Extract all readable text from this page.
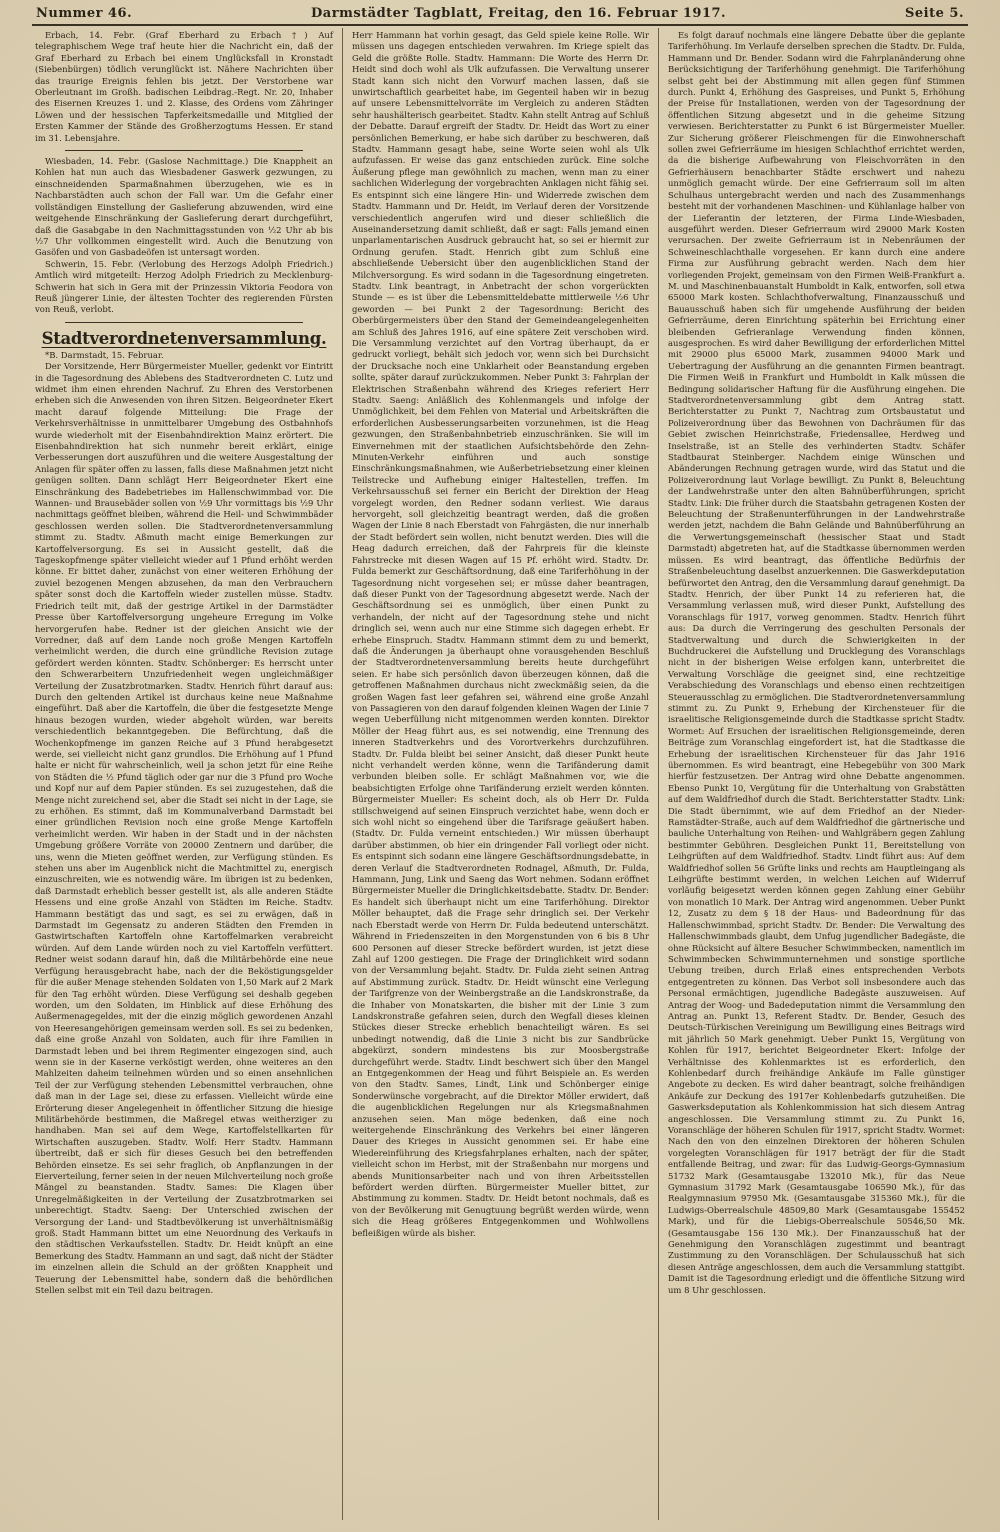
Nummer 46.	Darmstädter Tagblatt, Freitag, den 16. Februar 1917.	Seite 5.

Erbach, 14. Febr. (Graf Eberhard zu Erbach †) Auf telegraphischem Wege traf heute hier die Nachricht ein, daß der Graf Eberhard zu Erbach bei einem Unglücksfall in Kronstadt (Siebenbürgen) tödlich verunglückt ist. Nähere Nachrichten über das traurige Ereignis fehlen bis jetzt. Der Verstorbene war Oberleutnant im Großh. badischen Leibdrag.-Regt. Nr. 20, Inhaber des Eisernen Kreuzes 1. und 2. Klasse, des Ordens vom Zähringer Löwen und der hessischen Tapferkeitsmedaille und Mitglied der Ersten Kammer der Stände des Großherzogtums Hessen. Er stand im 31. Lebensjahre.

Wiesbaden, 14. Febr. (Gaslose Nachmittage.) Die Knappheit an Kohlen hat nun auch das Wiesbadener Gaswerk gezwungen, zu einschneidenden Sparmaßnahmen überzugehen, wie es in Nachbarstädten auch schon der Fall war. Um die Gefahr einer vollständigen Einstellung der Gaslieferung abzuwenden, wird eine weitgehende Einschränkung der Gaslieferung derart durchgeführt, daß die Gasabgabe in den Nachmittagsstunden von ½2 Uhr ab bis ½7 Uhr vollkommen eingestellt wird. Auch die Benutzung von Gasöfen und von Gasbadeöfen ist untersagt worden.

Schwerin, 15. Febr. (Verlobung des Herzogs Adolph Friedrich.) Amtlich wird mitgeteilt: Herzog Adolph Friedrich zu Mecklenburg-Schwerin hat sich in Gera mit der Prinzessin Viktoria Feodora von Reuß jüngerer Linie, der ältesten Tochter des regierenden Fürsten von Reuß, verlobt.

Stadtverordnetenversammlung.

*B. Darmstadt, 15. Februar.

Der Vorsitzende, Herr Bürgermeister Mueller, gedenkt vor Eintritt in die Tagesordnung des Ablebens des Stadtverordneten C. Lutz und widmet ihm einen ehrenden Nachruf. Zu Ehren des Verstorbenen erheben sich die Anwesenden von ihren Sitzen. Beigeordneter Ekert macht darauf folgende Mitteilung: Die Frage der Verkehrsverhältnisse in unmittelbarer Umgebung des Ostbahnhofs wurde wiederholt mit der Eisenbahndirektion Mainz erörtert. Die Eisenbahndirektion hat sich nunmehr bereit erklärt, einige Verbesserungen dort auszuführen und die weitere Ausgestaltung der Anlagen für später offen zu lassen, falls diese Maßnahmen jetzt nicht genügen sollten. Dann schlägt Herr Beigeordneter Ekert eine Einschränkung des Badebetriebes im Hallenschwimmbad vor. Die Wannen- und Brausebäder sollen von ½9 Uhr vormittags bis ½9 Uhr nachmittags geöffnet bleiben, während die Heil- und Schwimmbäder geschlossen werden sollen. Die Stadtverordnetenversammlung stimmt zu. Stadtv. Aßmuth macht einige Bemerkungen zur Kartoffelversorgung. Es sei in Aussicht gestellt, daß die Tageskopfmenge später vielleicht wieder auf 1 Pfund erhöht werden könne. Er bittet daher, zunächst von einer weiteren Erhöhung der zuviel bezogenen Mengen abzusehen, da man den Verbrauchern später sonst doch die Kartoffeln wieder zustellen müsse. Stadtv. Friedrich teilt mit, daß der gestrige Artikel in der Darmstädter Presse über Kartoffelversorgung ungeheure Erregung im Volke hervorgerufen habe. Redner ist der gleichen Ansicht wie der Vorredner, daß auf dem Lande noch große Mengen Kartoffeln verheimlicht werden, die durch eine gründliche Revision zutage gefördert werden könnten. Stadtv. Schönberger: Es herrscht unter den Schwerarbeitern Unzufriedenheit wegen ungleichmäßiger Verteilung der Zusatzbrotmarken. Stadtv. Henrich führt darauf aus: Durch den geltenden Artikel ist durchaus keine neue Maßnahme eingeführt. Daß aber die Kartoffeln, die über die festgesetzte Menge hinaus bezogen wurden, wieder abgeholt würden, war bereits verschiedentlich bekanntgegeben. Die Befürchtung, daß die Wochenkopfmenge im ganzen Reiche auf 3 Pfund herabgesetzt werde, sei vielleicht nicht ganz grundlos. Die Erhöhung auf 1 Pfund halte er nicht für wahrscheinlich, weil ja schon jetzt für eine Reihe von Städten die ½ Pfund täglich oder gar nur die 3 Pfund pro Woche und Kopf nur auf dem Papier stünden. Es sei zuzugestehen, daß die Menge nicht zureichend sei, aber die Stadt sei nicht in der Lage, sie zu erhöhen. Es stimmt, daß im Kommunalverband Darmstadt bei einer gründlichen Revision noch eine große Menge Kartoffeln verheimlicht werden. Wir haben in der Stadt und in der nächsten Umgebung größere Vorräte von 20000 Zentnern und darüber, die uns, wenn die Mieten geöffnet werden, zur Verfügung stünden. Es stehen uns aber im Augenblick nicht die Machtmittel zu, energisch einzuschreiten, wie es notwendig wäre. Im übrigen ist zu bedenken, daß Darmstadt erheblich besser gestellt ist, als alle anderen Städte Hessens und eine große Anzahl von Städten im Reiche. Stadtv. Hammann bestätigt das und sagt, es sei zu erwägen, daß in Darmstadt im Gegensatz zu anderen Städten den Fremden in Gastwirtschaften Kartoffeln ohne Kartoffelmarken verabreicht würden. Auf dem Lande würden noch zu viel Kartoffeln verfüttert. Redner weist sodann darauf hin, daß die Militärbehörde eine neue Verfügung herausgebracht habe, nach der die Beköstigungsgelder für die außer Menage stehenden Soldaten von 1,50 Mark auf 2 Mark für den Tag erhöht würden. Diese Verfügung sei deshalb gegeben worden, um den Soldaten, im Hinblick auf diese Erhöhung des Außermenagegeldes, mit der die einzig möglich gewordenen Anzahl von Heeresangehörigen gemeinsam werden soll. Es sei zu bedenken, daß eine große Anzahl von Soldaten, auch für ihre Familien in Darmstadt leben und bei ihrem Regimenter eingezogen sind, auch wenn sie in der Kaserne verköstigt werden, ohne weiteres an den Mahlzeiten daheim teilnehmen würden und so einen ansehnlichen Teil der zur Verfügung stehenden Lebensmittel verbrauchen, ohne daß man in der Lage sei, diese zu erfassen. Vielleicht würde eine Erörterung dieser Angelegenheit in öffentlicher Sitzung die hiesige Militärbehörde bestimmen, die Maßregel etwas weitherziger zu handhaben. Man sei auf dem Wege, Kartoffelstellkarten für Wirtschaften auszugeben. Stadtv. Wolf: Herr Stadtv. Hammann übertreibt, daß er sich für dieses Gesuch bei den betreffenden Behörden einsetze. Es sei sehr fraglich, ob Anpflanzungen in der Eierverteilung, ferner seien in der neuen Milchverteilung noch große Mängel zu beanstanden. Stadtv. Sames: Die Klagen über Unregelmäßigkeiten in der Verteilung der Zusatzbrotmarken sei unberechtigt. Stadtv. Saeng: Der Unterschied zwischen der Versorgung der Land- und Stadtbevölkerung ist unverhältnismäßig groß. Stadt Hammann bittet um eine Neuordnung des Verkaufs in den städtischen Verkaufsstellen. Stadtv. Dr. Heidt knüpft an eine Bemerkung des Stadtv. Hammann an und sagt, daß nicht der Städter im einzelnen allein die Schuld an der größten Knappheit und Teuerung der Lebensmittel habe, sondern daß die behördlichen Stellen selbst mit ein Teil dazu beitragen.

Herr Hammann hat vorhin gesagt, das Geld spiele keine Rolle. Wir müssen uns dagegen entschieden verwahren. Im Kriege spielt das Geld die größte Rolle. Stadtv. Hammann: Die Worte des Herrn Dr. Heidt sind doch wohl als Ulk aufzufassen. Die Verwaltung unserer Stadt kann sich nicht den Vorwurf machen lassen, daß sie unwirtschaftlich gearbeitet habe, im Gegenteil haben wir in bezug auf unsere Lebensmittelvorräte im Vergleich zu anderen Städten sehr haushälterisch gearbeitet. Stadtv. Kahn stellt Antrag auf Schluß der Debatte. Darauf ergreift der Stadtv. Dr. Heidt das Wort zu einer persönlichen Bemerkung, er habe sich darüber zu beschweren, daß Stadtv. Hammann gesagt habe, seine Worte seien wohl als Ulk aufzufassen. Er weise das ganz entschieden zurück. Eine solche Äußerung pflege man gewöhnlich zu machen, wenn man zu einer sachlichen Widerlegung der vorgebrachten Anklagen nicht fähig sei. Es entspinnt sich eine längere Hin- und Widerrede zwischen dem Stadtv. Hammann und Dr. Heidt, im Verlauf deren der Vorsitzende verschiedentlich angerufen wird und dieser schließlich die Auseinandersetzung damit schließt, daß er sagt: Falls jemand einen unparlamentarischen Ausdruck gebraucht hat, so sei er hiermit zur Ordnung gerufen. Stadt. Henrich gibt zum Schluß eine abschließende Uebersicht über den augenblicklichen Stand der Milchversorgung. Es wird sodann in die Tagesordnung eingetreten. Stadtv. Link beantragt, in Anbetracht der schon vorgerückten Stunde — es ist über die Lebensmitteldebatte mittlerweile ½6 Uhr geworden — bei Punkt 2 der Tagesordnung: Bericht des Oberbürgermeisters über den Stand der Gemeindeangelegenheiten am Schluß des Jahres 1916, auf eine spätere Zeit verschoben wird. Die Versammlung verzichtet auf den Vortrag überhaupt, da er gedruckt vorliegt, behält sich jedoch vor, wenn sich bei Durchsicht der Drucksache noch eine Unklarheit oder Beanstandung ergeben sollte, später darauf zurückzukommen. Neber Punkt 3: Fahrplan der Elektrischen Straßenbahn während des Krieges referiert Herr Stadtv. Saeng: Anläßlich des Kohlenmangels und infolge der Unmöglichkeit, bei dem Fehlen von Material und Arbeitskräften die erforderlichen Ausbesserungsarbeiten vorzunehmen, ist die Heag gezwungen, den Straßenbahnbetrieb einzuschränken. Sie will im Einvernehmen mit der staatlichen Aufsichtsbehörde den Zehn-Minuten-Verkehr einführen und auch sonstige Einschränkungsmaßnahmen, wie Außerbetriebsetzung einer kleinen Teilstrecke und Aufhebung einiger Haltestellen, treffen. Im Verkehrsausschuß sei ferner ein Bericht der Direktion der Heag vorgelegt worden, den Redner sodann verliest. Wie daraus hervorgeht, soll gleichzeitig beantragt werden, daß die großen Wagen der Linie 8 nach Eberstadt von Fahrgästen, die nur innerhalb der Stadt befördert sein wollen, nicht benutzt werden. Dies will die Heag dadurch erreichen, daß der Fahrpreis für die kleinste Fahrstrecke mit diesen Wagen auf 15 Pf. erhöht wird. Stadtv. Dr. Fulda bemerkt zur Geschäftsordnung, daß eine Tariferhöhung in der Tagesordnung nicht vorgesehen sei; er müsse daher beantragen, daß dieser Punkt von der Tagesordnung abgesetzt werde. Nach der Geschäftsordnung sei es unmöglich, über einen Punkt zu verhandeln, der nicht auf der Tagesordnung stehe und nicht dringlich sei, wenn auch nur eine Stimme sich dagegen erhebt. Er erhebe Einspruch. Stadtv. Hammann stimmt dem zu und bemerkt, daß die Änderungen ja überhaupt ohne vorausgehenden Beschluß der Stadtverordnetenversammlung bereits heute durchgeführt seien. Er habe sich persönlich davon überzeugen können, daß die getroffenen Maßnahmen durchaus nicht zweckmäßig seien, da die großen Wagen fast leer gefahren sei, während eine große Anzahl von Passagieren von den darauf folgenden kleinen Wagen der Linie 7 wegen Ueberfüllung nicht mitgenommen werden konnten. Direktor Möller der Heag führt aus, es sei notwendig, eine Trennung des inneren Stadtverkehrs und des Vorortverkehrs durchzuführen. Stadtv. Dr. Fulda bleibt bei seiner Ansicht, daß dieser Punkt heute nicht verhandelt werden könne, wenn die Tarifänderung damit verbunden bleiben solle. Er schlägt Maßnahmen vor, wie die beabsichtigten Erfolge ohne Tarifänderung erzielt werden könnten. Bürgermeister Mueller: Es scheint doch, als ob Herr Dr. Fulda stillschweigend auf seinen Einspruch verzichtet habe, wenn doch er sich wohl nicht so eingehend über die Tarifsrage geäußert haben. (Stadtv. Dr. Fulda verneint entschieden.) Wir müssen überhaupt darüber abstimmen, ob hier ein dringender Fall vorliegt oder nicht. Es entspinnt sich sodann eine längere Geschäftsordnungsdebatte, in deren Verlauf die Stadtverordneten Rodnagel, Aßmuth, Dr. Fulda, Hammann, Jung, Link und Saeng das Wort nehmen. Sodann eröffnet Bürgermeister Mueller die Dringlichkeitsdebatte. Stadtv. Dr. Bender: Es handelt sich überhaupt nicht um eine Tariferhöhung. Direktor Möller behauptet, daß die Frage sehr dringlich sei. Der Verkehr nach Eberstadt werde von Herrn Dr. Fulda bedeutend unterschätzt. Während in Friedenszeiten in den Morgenstunden von 6 bis 8 Uhr 600 Personen auf dieser Strecke befördert wurden, ist jetzt diese Zahl auf 1200 gestiegen. Die Frage der Dringlichkeit wird sodann von der Versammlung bejaht. Stadtv. Dr. Fulda zieht seinen Antrag auf Abstimmung zurück. Stadtv. Dr. Heidt wünscht eine Verlegung der Tarifgrenze von der Weinbergstraße an die Landskronstraße, da die Inhaber von Monatskarten, die bisher mit der Linie 3 zum Landskronstraße gefahren seien, durch den Wegfall dieses kleinen Stückes dieser Strecke erheblich benachteiligt wären. Es sei unbedingt notwendig, daß die Linie 3 nicht bis zur Sandbrücke abgekürzt, sondern mindestens bis zur Moosbergstraße durchgeführt werde. Stadtv. Lindt beschwert sich über den Mangel an Entgegenkommen der Heag und führt Beispiele an. Es werden von den Stadtv. Sames, Lindt, Link und Schönberger einige Sonderwünsche vorgebracht, auf die Direktor Möller erwidert, daß die augenblicklichen Regelungen nur als Kriegsmaßnahmen anzusehen seien. Man möge bedenken, daß eine noch weitergehende Einschränkung des Verkehrs bei einer längeren Dauer des Krieges in Aussicht genommen sei. Er habe eine Wiedereinführung des Kriegsfahrplanes erhalten, nach der später, vielleicht schon im Herbst, mit der Straßenbahn nur morgens und abends Munitionsarbeiter nach und von ihren Arbeitsstellen befördert werden dürften. Bürgermeister Mueller bittet, zur Abstimmung zu kommen. Stadtv. Dr. Heidt betont nochmals, daß es von der Bevölkerung mit Genugtuung begrüßt werden würde, wenn sich die Heag größeres Entgegenkommen und Wohlwollens befleißigen würde als bisher.

Es folgt darauf nochmals eine längere Debatte über die geplante Tariferhöhung. Im Verlaufe derselben sprechen die Stadtv. Dr. Fulda, Hammann und Dr. Bender. Sodann wird die Fahrplanänderung ohne Berücksichtigung der Tariferhöhung genehmigt. Die Tariferhöhung selbst geht bei der Abstimmung mit allen gegen fünf Stimmen durch. Punkt 4, Erhöhung des Gaspreises, und Punkt 5, Erhöhung der Preise für Installationen, werden von der Tagesordnung der öffentlichen Sitzung abgesetzt und in die geheime Sitzung verwiesen. Berichterstatter zu Punkt 6 ist Bürgermeister Mueller. Zur Sicherung größerer Fleischmengen für die Einwohnerschaft sollen zwei Gefrierräume im hiesigen Schlachthof errichtet werden, da die bisherige Aufbewahrung von Fleischvorräten in den Gefrierhäusern benachbarter Städte erschwert und nahezu unmöglich gemacht würde. Der eine Gefrierraum soll im alten Schulhaus untergebracht werden und nach des Zusammenhangs besteht mit der vorhandenen Maschinen- und Kühlanlage halber von der Lieferantin der letzteren, der Firma Linde-Wiesbaden, ausgeführt werden. Dieser Gefrierraum wird 29000 Mark Kosten verursachen. Der zweite Gefrierraum ist in Nebenräumen der Schweineschlachthalle vorgesehen. Er kann durch eine andere Firma zur Ausführung gebracht werden. Nach dem hier vorliegenden Projekt, gemeinsam von den Firmen Weiß-Frankfurt a. M. und Maschinenbauanstalt Humboldt in Kalk, entworfen, soll etwa 65000 Mark kosten. Schlachthofverwaltung, Finanzausschuß und Bauausschuß haben sich für umgehende Ausführung der beiden Gefrierräume, deren Einrichtung späterhin bei Errichtung einer bleibenden Gefrieranlage Verwendung finden können, ausgesprochen. Es wird daher Bewilligung der erforderlichen Mittel mit 29000 plus 65000 Mark, zusammen 94000 Mark und Uebertragung der Ausführung an die genannten Firmen beantragt. Die Firmen Weiß in Frankfurt und Humboldt in Kalk müssen die Bedingung solidarischer Haftung für die Ausführung eingehen. Die Stadtverordnetenversammlung gibt dem Antrag statt. Berichterstatter zu Punkt 7, Nachtrag zum Ortsbaustatut und Polizeiverordnung über das Bewohnen von Dachräumen für das Gebiet zwischen Heinrichstraße, Friedensallee, Herdweg und Inselstraße, ist an Stelle des verhinderten Stadtv. Schäfer Stadtbaurat Steinberger. Nachdem einige Wünschen und Abänderungen Rechnung getragen wurde, wird das Statut und die Polizeiverordnung laut Vorlage bewilligt. Zu Punkt 8, Beleuchtung der Landwehrstraße unter den alten Bahnüberführungen, spricht Stadtv. Link: Die früher durch die Staatsbahn getragenen Kosten der Beleuchtung der Straßenunterführungen in der Landwehrstraße werden jetzt, nachdem die Bahn Gelände und Bahnüberführung an die Verwertungsgemeinschaft (hessischer Staat und Stadt Darmstadt) abgetreten hat, auf die Stadtkasse übernommen werden müssen. Es wird beantragt, das öffentliche Bedürfnis der Straßenbeleuchtung daselbst anzuerkennen. Die Gaswerkdeputation befürwortet den Antrag, den die Versammlung darauf genehmigt. Da Stadtv. Henrich, der über Punkt 14 zu referieren hat, die Versammlung verlassen muß, wird dieser Punkt, Aufstellung des Voranschlags für 1917, vorweg genommen. Stadtv. Henrich führt aus: Da durch die Verringerung des geschulten Personals der Stadtverwaltung und durch die Schwierigkeiten in der Buchdruckerei die Aufstellung und Drucklegung des Voranschlags nicht in der bisherigen Weise erfolgen kann, unterbreitet die Verwaltung Vorschläge die geeignet sind, eine rechtzeitige Verabschiedung des Voranschlags und ebenso einen rechtzeitigen Steuerausschlag zu ermöglichen. Die Stadtverordnetenversammlung stimmt zu. Zu Punkt 9, Erhebung der Kirchensteuer für die israelitische Religionsgemeinde durch die Stadtkasse spricht Stadtv. Wormet: Auf Ersuchen der israelitischen Religionsgemeinde, deren Beiträge zum Voranschlag eingefordert ist, hat die Stadtkasse die Erhebung der israelitischen Kirchensteuer für das Jahr 1916 übernommen. Es wird beantragt, eine Hebegebühr von 300 Mark hierfür festzusetzen. Der Antrag wird ohne Debatte angenommen. Ebenso Punkt 10, Vergütung für die Unterhaltung von Grabstätten auf dem Waldfriedhof durch die Stadt. Berichterstatter Stadtv. Link: Die Stadt übernimmt, wie auf dem Friedhof an der Nieder-Ramstädter-Straße, auch auf dem Waldfriedhof die gärtnerische und bauliche Unterhaltung von Reihen- und Wahlgräbern gegen Zahlung bestimmter Gebühren. Desgleichen Punkt 11, Bereitstellung von Leihgrüften auf dem Waldfriedhof. Stadtv. Lindt führt aus: Auf dem Waldfriedhof sollen 56 Grüfte links und rechts am Hauptleingang als Leihgrüfte bestimmt werden, in welchen Leichen auf Widerruf vorläufig beigesetzt werden können gegen Zahlung einer Gebühr von monatlich 10 Mark. Der Antrag wird angenommen. Ueber Punkt 12, Zusatz zu dem § 18 der Haus- und Badeordnung für das Hallenschwimmbad, spricht Stadtv. Dr. Bender: Die Verwaltung des Hallenschwimmbads glaubt, dem Unfug jugendlicher Badegäste, die ohne Rücksicht auf ältere Besucher Schwimmbecken, namentlich im Schwimmbecken Schwimmunternehmen und sonstige sportliche Uebung treiben, durch Erlaß eines entsprechenden Verbots entgegentreten zu können. Das Verbot soll insbesondere auch das Personal ermächtigen, jugendliche Badegäste auszuweisen. Auf Antrag der Woog- und Badedeputation nimmt die Versammlung den Antrag an. Punkt 13, Referent Stadtv. Dr. Bender, Gesuch des Deutsch-Türkischen Vereinigung um Bewilligung eines Beitrags wird mit jährlich 50 Mark genehmigt. Ueber Punkt 15, Vergütung von Kohlen für 1917, berichtet Beigeordneter Ekert: Infolge der Verhältnisse des Kohlenmarktes ist es erforderlich, den Kohlenbedarf durch freihändige Ankäufe im Falle günstiger Angebote zu decken. Es wird daher beantragt, solche freihändigen Ankäufe zur Deckung des 1917er Kohlenbedarfs gutzuheißen. Die Gaswerksdeputation als Kohlenkommission hat sich diesem Antrag angeschlossen. Die Versammlung stimmt zu. Zu Punkt 16, Voranschläge der höheren Schulen für 1917, spricht Stadtv. Wormet: Nach den von den einzelnen Direktoren der höheren Schulen vorgelegten Voranschlägen für 1917 beträgt der für die Stadt entfallende Beitrag, und zwar: für das Ludwig-Georgs-Gymnasium 51732 Mark (Gesamtausgabe 132010 Mk.), für das Neue Gymnasium 31792 Mark (Gesamtausgabe 106590 Mk.), für das Realgymnasium 97950 Mk. (Gesamtausgabe 315360 Mk.), für die Ludwigs-Oberrealschule 48509,80 Mark (Gesamtausgabe 155452 Mark), und für die Liebigs-Oberrealschule 50546,50 Mk. (Gesamtausgabe 156 130 Mk.). Der Finanzausschuß hat der Genehmigung den Voranschlägen zugestimmt und beantragt Zustimmung zu den Voranschlägen. Der Schulausschuß hat sich diesen Anträge angeschlossen, dem auch die Versammlung stattgibt. Damit ist die Tagesordnung erledigt und die öffentliche Sitzung wird um 8 Uhr geschlossen.
